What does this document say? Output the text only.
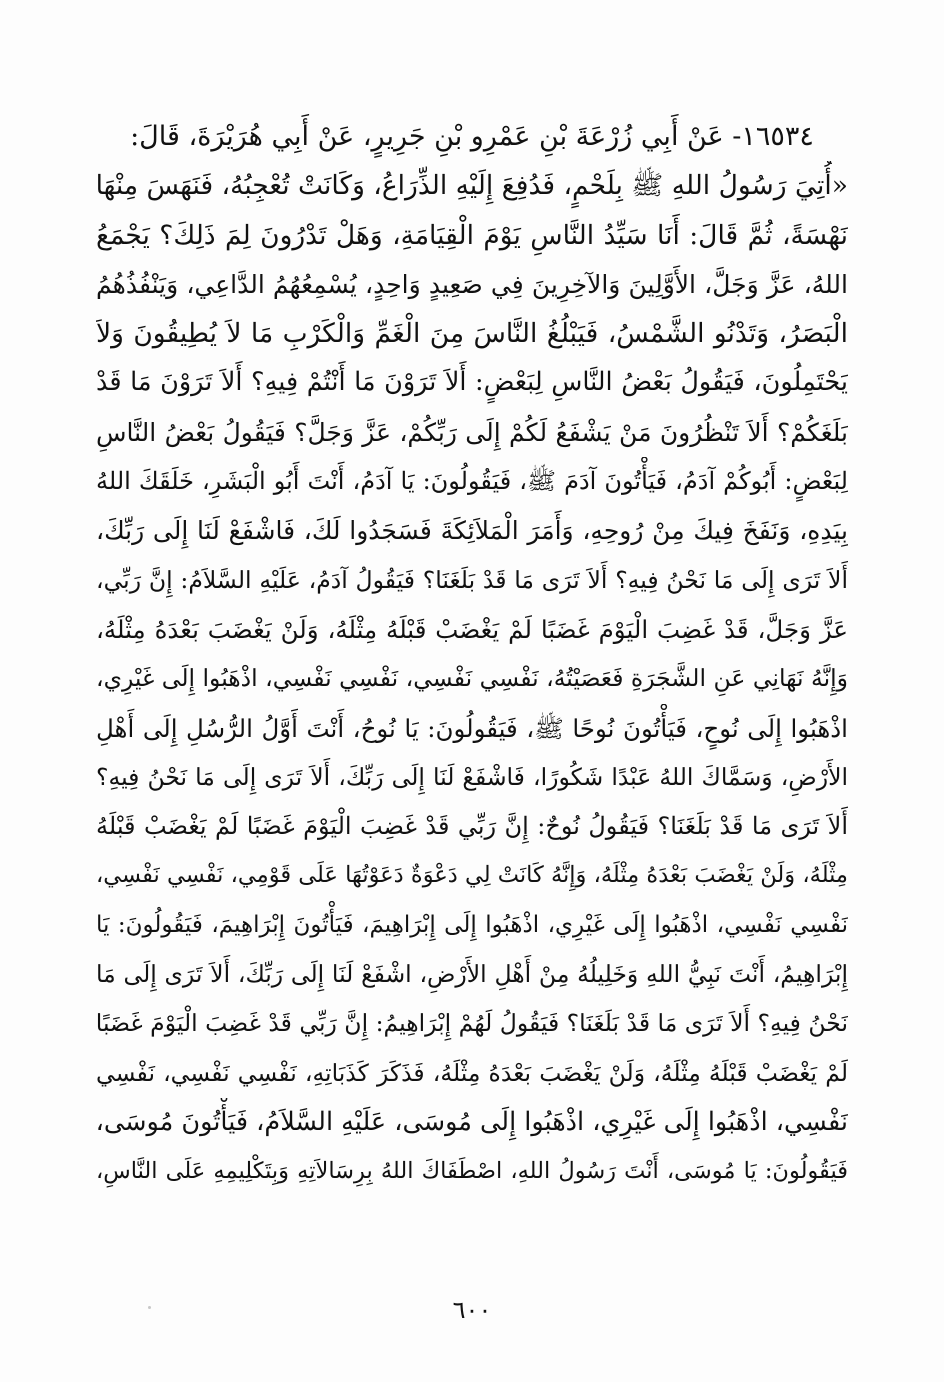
١٦٥٣٤- عَنْ أَبِي زُرْعَةَ بْنِ عَمْرِو بْنِ جَرِيرٍ، عَنْ أَبِي هُرَيْرَةَ، قَالَ:
«أُتِيَ رَسُولُ اللهِ ﷺ بِلَحْمٍ، فَدُفِعَ إِلَيْهِ الذِّرَاعُ، وَكَانَتْ تُعْجِبُهُ، فَنَهَسَ مِنْهَا
نَهْسَةً، ثُمَّ قَالَ: أَنَا سَيِّدُ النَّاسِ يَوْمَ الْقِيَامَةِ، وَهَلْ تَدْرُونَ لِمَ ذَلِكَ؟ يَجْمَعُ
اللهُ، عَزَّ وَجَلَّ، الأَوَّلِينَ وَالآخِرِينَ فِي صَعِيدٍ وَاحِدٍ، يُسْمِعُهُمُ الدَّاعِي، وَيَنْفُذُهُمُ
الْبَصَرُ، وَتَدْنُو الشَّمْسُ، فَيَبْلُغُ النَّاسَ مِنَ الْغَمِّ وَالْكَرْبِ مَا لاَ يُطِيقُونَ وَلاَ
يَحْتَمِلُونَ، فَيَقُولُ بَعْضُ النَّاسِ لِبَعْضٍ: أَلاَ تَرَوْنَ مَا أَنْتُمْ فِيهِ؟ أَلاَ تَرَوْنَ مَا قَدْ
بَلَغَكُمْ؟ أَلاَ تَنْظُرُونَ مَنْ يَشْفَعُ لَكُمْ إِلَى رَبِّكُمْ، عَزَّ وَجَلَّ؟ فَيَقُولُ بَعْضُ النَّاسِ
لِبَعْضٍ: أَبُوكُمْ آدَمُ، فَيَأْتُونَ آدَمَ ﷺ، فَيَقُولُونَ: يَا آدَمُ، أَنْتَ أَبُو الْبَشَرِ، خَلَقَكَ اللهُ
بِيَدِهِ، وَنَفَخَ فِيكَ مِنْ رُوحِهِ، وَأَمَرَ الْمَلاَئِكَةَ فَسَجَدُوا لَكَ، فَاشْفَعْ لَنَا إِلَى رَبِّكَ،
أَلاَ تَرَى إِلَى مَا نَحْنُ فِيهِ؟ أَلاَ تَرَى مَا قَدْ بَلَغَنَا؟ فَيَقُولُ آدَمُ، عَلَيْهِ السَّلاَمُ: إِنَّ رَبِّي،
عَزَّ وَجَلَّ، قَدْ غَضِبَ الْيَوْمَ غَضَبًا لَمْ يَغْضَبْ قَبْلَهُ مِثْلَهُ، وَلَنْ يَغْضَبَ بَعْدَهُ مِثْلَهُ،
وَإِنَّهُ نَهَانِي عَنِ الشَّجَرَةِ فَعَصَيْتُهُ، نَفْسِي نَفْسِي، نَفْسِي نَفْسِي، اذْهَبُوا إِلَى غَيْرِي،
اذْهَبُوا إِلَى نُوحٍ، فَيَأْتُونَ نُوحًا ﷺ، فَيَقُولُونَ: يَا نُوحُ، أَنْتَ أَوَّلُ الرُّسُلِ إِلَى أَهْلِ
الأَرْضِ، وَسَمَّاكَ اللهُ عَبْدًا شَكُورًا، فَاشْفَعْ لَنَا إِلَى رَبِّكَ، أَلاَ تَرَى إِلَى مَا نَحْنُ فِيهِ؟
أَلاَ تَرَى مَا قَدْ بَلَغَنَا؟ فَيَقُولُ نُوحٌ: إِنَّ رَبِّي قَدْ غَضِبَ الْيَوْمَ غَضَبًا لَمْ يَغْضَبْ قَبْلَهُ
مِثْلَهُ، وَلَنْ يَغْضَبَ بَعْدَهُ مِثْلَهُ، وَإِنَّهُ كَانَتْ لِي دَعْوَةٌ دَعَوْتُهَا عَلَى قَوْمِي، نَفْسِي نَفْسِي،
نَفْسِي نَفْسِي، اذْهَبُوا إِلَى غَيْرِي، اذْهَبُوا إِلَى إِبْرَاهِيمَ، فَيَأْتُونَ إِبْرَاهِيمَ، فَيَقُولُونَ: يَا
إِبْرَاهِيمُ، أَنْتَ نَبِيُّ اللهِ وَخَلِيلُهُ مِنْ أَهْلِ الأَرْضِ، اشْفَعْ لَنَا إِلَى رَبِّكَ، أَلاَ تَرَى إِلَى مَا
نَحْنُ فِيهِ؟ أَلاَ تَرَى مَا قَدْ بَلَغَنَا؟ فَيَقُولُ لَهُمْ إِبْرَاهِيمُ: إِنَّ رَبِّي قَدْ غَضِبَ الْيَوْمَ غَضَبًا
لَمْ يَغْضَبْ قَبْلَهُ مِثْلَهُ، وَلَنْ يَغْضَبَ بَعْدَهُ مِثْلَهُ، فَذَكَرَ كَذَبَاتِهِ، نَفْسِي نَفْسِي، نَفْسِي
نَفْسِي، اذْهَبُوا إِلَى غَيْرِي، اذْهَبُوا إِلَى مُوسَى، عَلَيْهِ السَّلاَمُ، فَيَأْتُونَ مُوسَى،
فَيَقُولُونَ: يَا مُوسَى، أَنْتَ رَسُولُ اللهِ، اصْطَفَاكَ اللهُ بِرِسَالاَتِهِ وَبِتَكْلِيمِهِ عَلَى النَّاسِ،
٦٠٠
